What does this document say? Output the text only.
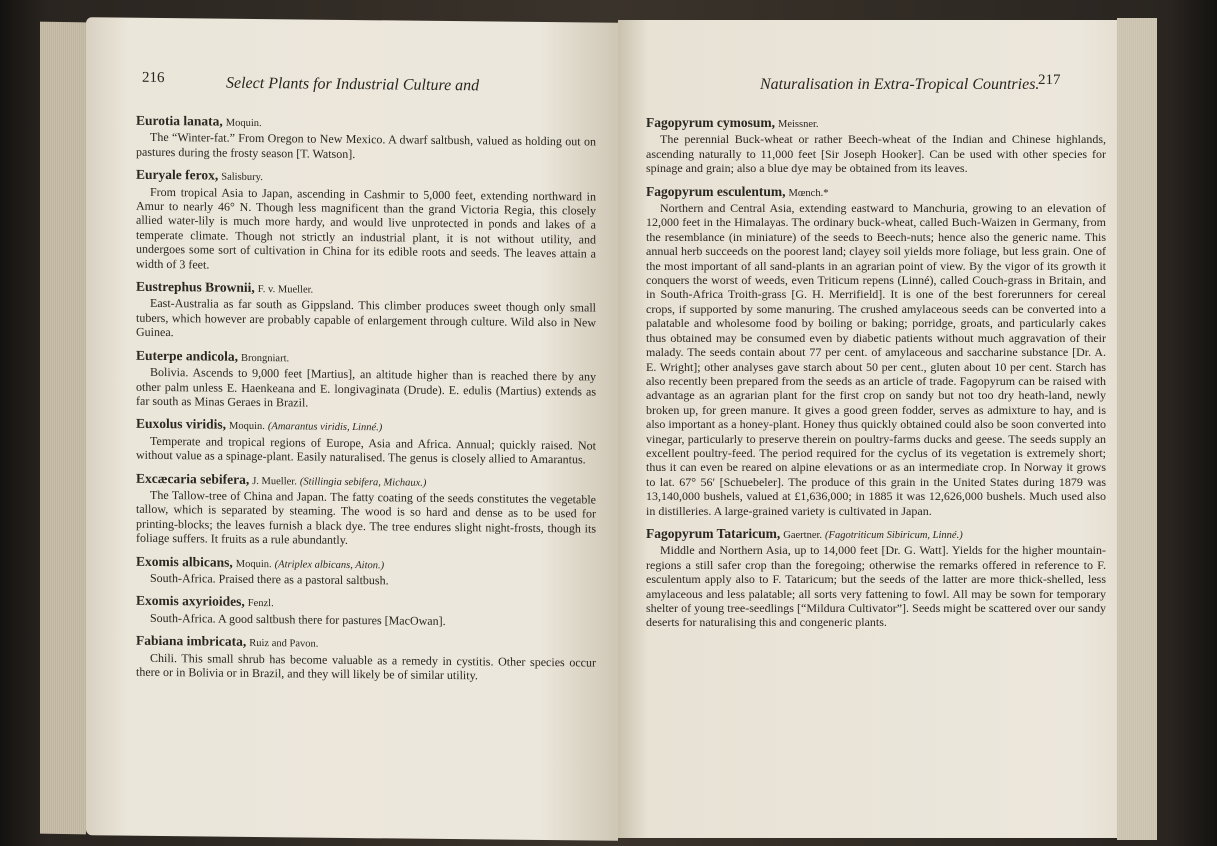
216	Select Plants for Industrial Culture and
Eurotia lanata, Moquin.
The “Winter-fat.” From Oregon to New Mexico. A dwarf saltbush, valued as holding out on pastures during the frosty season [T. Watson].
Euryale ferox, Salisbury.
From tropical Asia to Japan, ascending in Cashmir to 5,000 feet, extending northward in Amur to nearly 46° N. Though less magnificent than the grand Victoria Regia, this closely allied water-lily is much more hardy, and would live unprotected in ponds and lakes of a temperate climate. Though not strictly an industrial plant, it is not without utility, and undergoes some sort of cultivation in China for its edible roots and seeds. The leaves attain a width of 3 feet.
Eustrephus Brownii, F. v. Mueller.
East-Australia as far south as Gippsland. This climber produces sweet though only small tubers, which however are probably capable of enlargement through culture. Wild also in New Guinea.
Euterpe andicola, Brongniart.
Bolivia. Ascends to 9,000 feet [Martius], an altitude higher than is reached there by any other palm unless E. Haenkeana and E. longivaginata (Drude). E. edulis (Martius) extends as far south as Minas Geraes in Brazil.
Euxolus viridis, Moquin. (Amarantus viridis, Linné.)
Temperate and tropical regions of Europe, Asia and Africa. Annual; quickly raised. Not without value as a spinage-plant. Easily naturalised. The genus is closely allied to Amarantus.
Excæcaria sebifera, J. Mueller. (Stillingia sebifera, Michaux.)
The Tallow-tree of China and Japan. The fatty coating of the seeds constitutes the vegetable tallow, which is separated by steaming. The wood is so hard and dense as to be used for printing-blocks; the leaves furnish a black dye. The tree endures slight night-frosts, though its foliage suffers. It fruits as a rule abundantly.
Exomis albicans, Moquin. (Atriplex albicans, Aiton.)
South-Africa. Praised there as a pastoral saltbush.
Exomis axyrioides, Fenzl.
South-Africa. A good saltbush there for pastures [MacOwan].
Fabiana imbricata, Ruiz and Pavon.
Chili. This small shrub has become valuable as a remedy in cystitis. Other species occur there or in Bolivia or in Brazil, and they will likely be of similar utility.
Naturalisation in Extra-Tropical Countries.
217
Fagopyrum cymosum, Meissner.
The perennial Buck-wheat or rather Beech-wheat of the Indian and Chinese highlands, ascending naturally to 11,000 feet [Sir Joseph Hooker]. Can be used with other species for spinage and grain; also a blue dye may be obtained from its leaves.
Fagopyrum esculentum, Mœnch.*
Northern and Central Asia, extending eastward to Manchuria, growing to an elevation of 12,000 feet in the Himalayas. The ordinary buck-wheat, called Buch-Waizen in Germany, from the resemblance (in miniature) of the seeds to Beech-nuts; hence also the generic name. This annual herb succeeds on the poorest land; clayey soil yields more foliage, but less grain. One of the most important of all sand-plants in an agrarian point of view. By the vigor of its growth it conquers the worst of weeds, even Triticum repens (Linné), called Couch-grass in Britain, and in South-Africa Troith-grass [G. H. Merrifield]. It is one of the best forerunners for cereal crops, if supported by some manuring. The crushed amylaceous seeds can be converted into a palatable and wholesome food by boiling or baking; porridge, groats, and particularly cakes thus obtained may be consumed even by diabetic patients without much aggravation of their malady. The seeds contain about 77 per cent. of amylaceous and saccharine substance [Dr. A. E. Wright]; other analyses gave starch about 50 per cent., gluten about 10 per cent. Starch has also recently been prepared from the seeds as an article of trade. Fagopyrum can be raised with advantage as an agrarian plant for the first crop on sandy but not too dry heath-land, newly broken up, for green manure. It gives a good green fodder, serves as admixture to hay, and is also important as a honey-plant. Honey thus quickly obtained could also be soon converted into vinegar, particularly to preserve therein on poultry-farms ducks and geese. The seeds supply an excellent poultry-feed. The period required for the cyclus of its vegetation is extremely short; thus it can even be reared on alpine elevations or as an intermediate crop. In Norway it grows to lat. 67° 56′ [Schuebeler]. The produce of this grain in the United States during 1879 was 13,140,000 bushels, valued at £1,636,000; in 1885 it was 12,626,000 bushels. Much used also in distilleries. A large-grained variety is cultivated in Japan.
Fagopyrum Tataricum, Gaertner. (Fagotriticum Sibiricum, Linné.)
Middle and Northern Asia, up to 14,000 feet [Dr. G. Watt]. Yields for the higher mountain-regions a still safer crop than the foregoing; otherwise the remarks offered in reference to F. esculentum apply also to F. Tataricum; but the seeds of the latter are more thick-shelled, less amylaceous and less palatable; all sorts very fattening to fowl. All may be sown for temporary shelter of young tree-seedlings [“Mildura Cultivator”]. Seeds might be scattered over our sandy deserts for naturalising this and congeneric plants.
